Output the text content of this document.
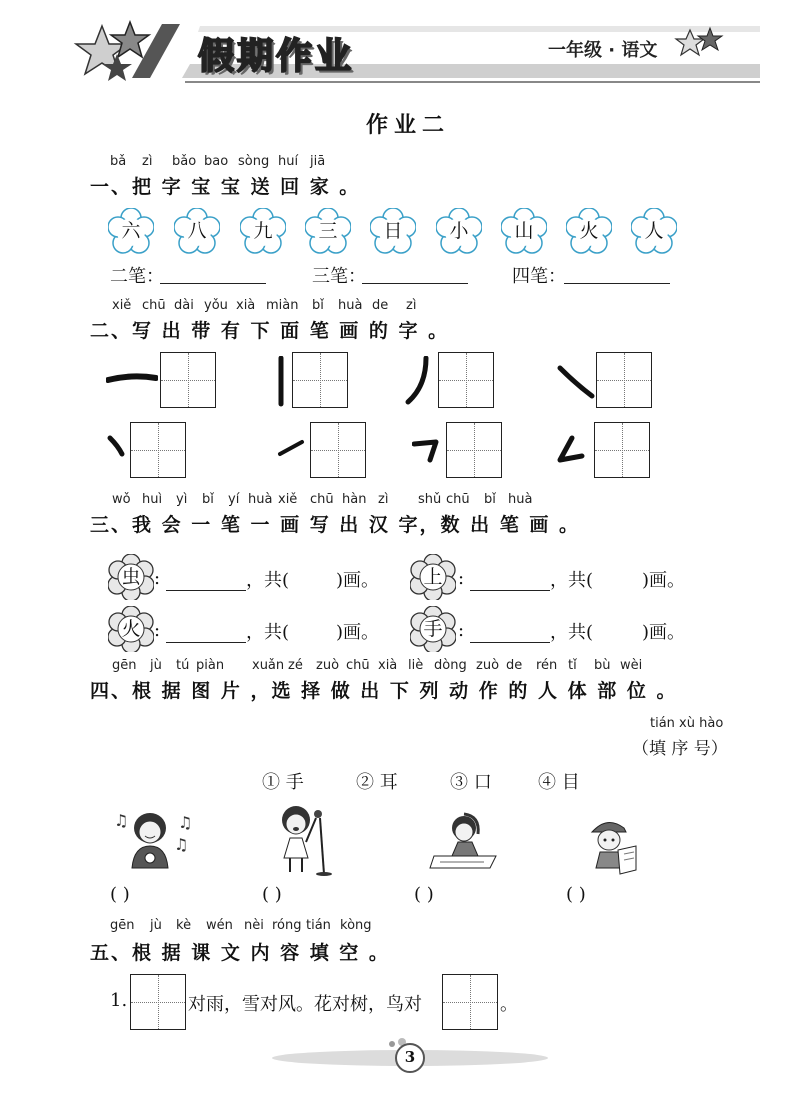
假期作业	一年级 · 语文
作业二
bǎ zì bǎo bao sòng huí jiā
一、把 字 宝 宝 送 回 家 。
六	八	九	三	日	小	山	火	人
二笔：	三笔：	四笔：
xiě chū dài yǒu xià miàn bǐ huà de zì
二、写 出 带 有 下 面 笔 画 的 字 。
wǒ huì yì bǐ yí huà xiě chū hàn zì shǔ chū bǐ huà
三、我 会 一 笔 一 画 写 出 汉 字，数 出 笔 画 。
虫 :	，共(	)画。	上 :	，共(	)画。
火 :	，共(	)画。	手 :	，共(	)画。
gēn jù tú piàn xuǎn zé zuò chū xià liè dòng zuò de rén tǐ bù wèi
四、根 据 图 片 ，选 择 做 出 下 列 动 作 的 人 体 部 位 。
tián xù hào
（填 序 号）
① 手	② 耳	③ 口	④ 目
♫	♫
♫
( )	( )	( )	( )
gēn jù kè wén nèi róng tián kòng
五、根 据 课 文 内 容 填 空 。
1.	对雨，雪对风。花对树，鸟对	。
3
